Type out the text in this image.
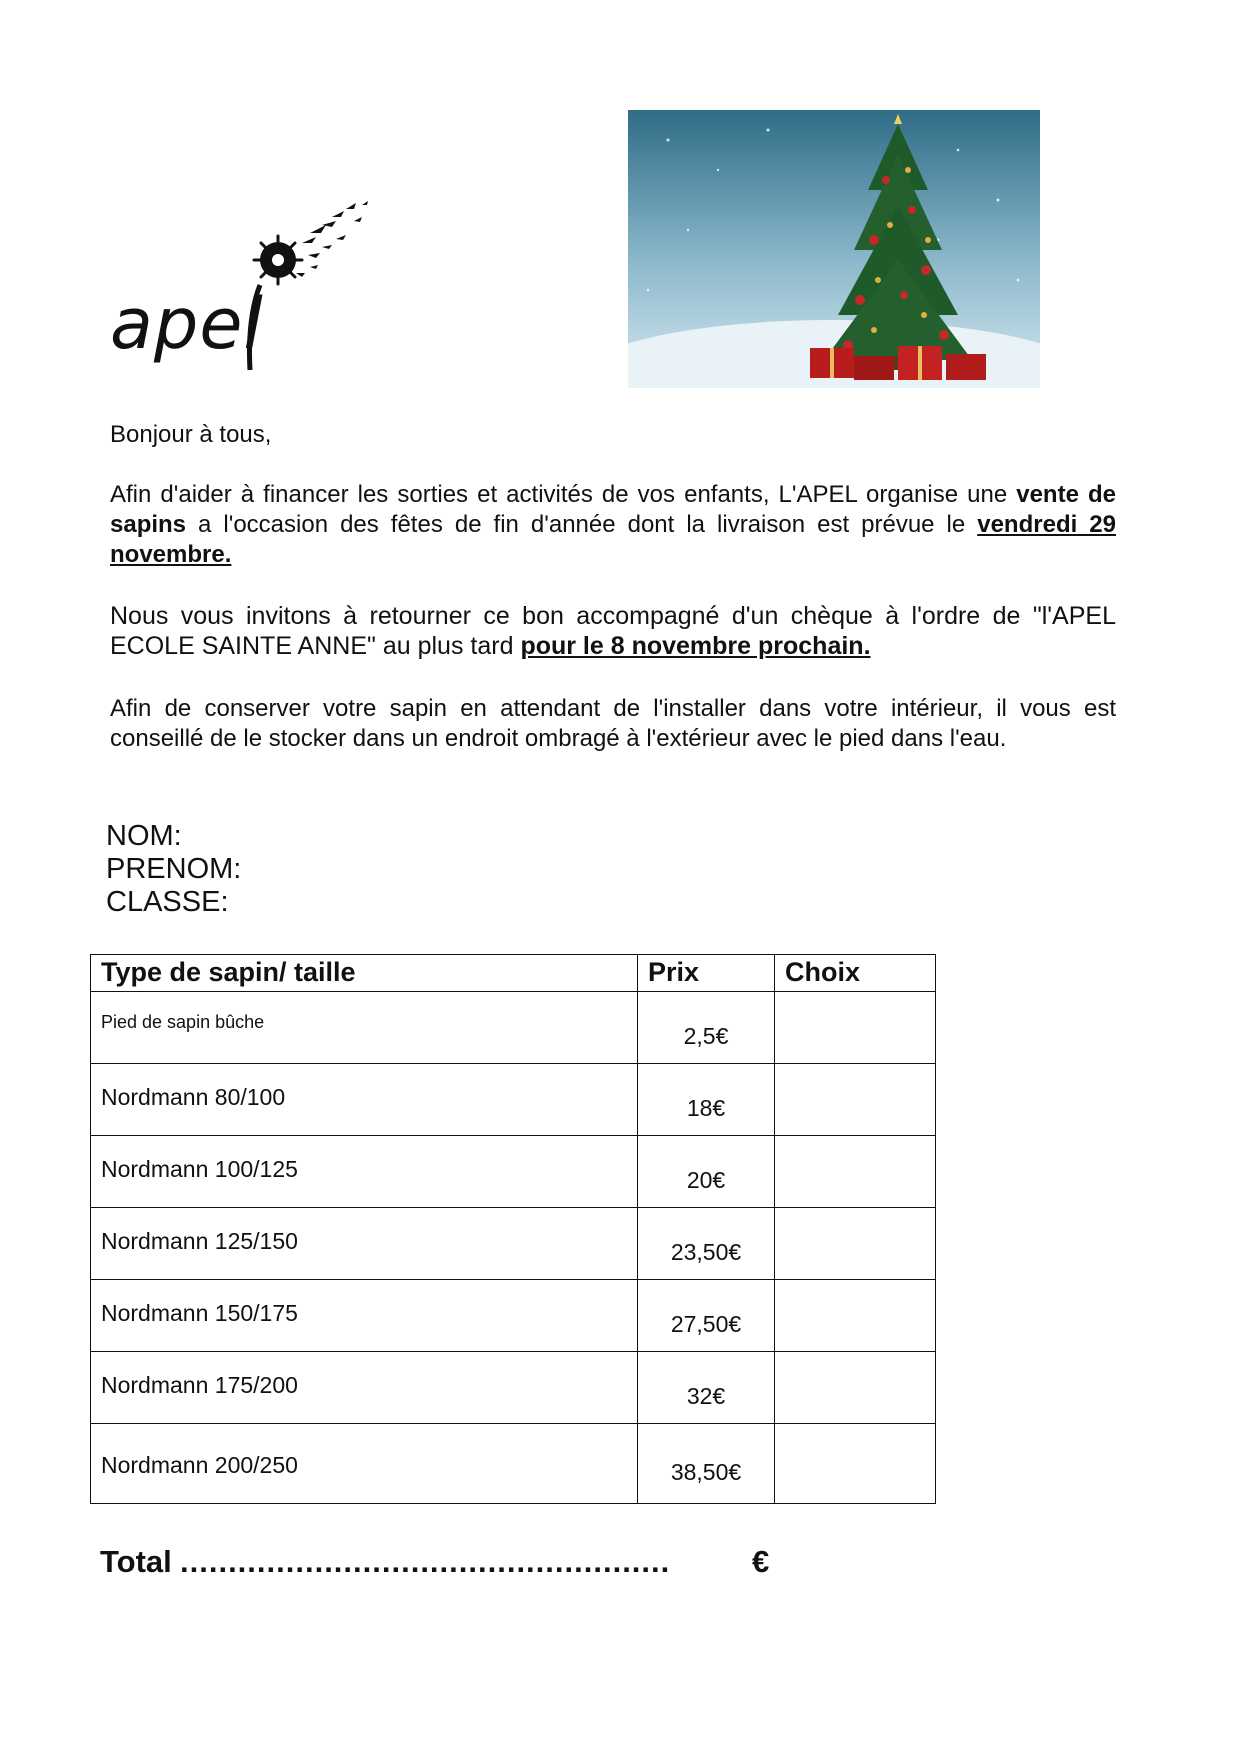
apel
Bonjour à tous,
Afin d'aider à financer les sorties et activités de vos enfants, L'APEL organise une vente de sapins a l'occasion des fêtes de fin d'année dont la livraison est prévue le vendredi 29 novembre.
Nous vous invitons à retourner ce bon accompagné d'un chèque à l'ordre de "l'APEL ECOLE SAINTE ANNE" au plus tard pour le 8 novembre prochain.
Afin de conserver votre sapin en attendant de l'installer dans votre intérieur, il vous est conseillé de le stocker dans un endroit ombragé à l'extérieur avec le pied dans l'eau.
NOM:
PRENOM:
CLASSE:
Type de sapin/ taille	Prix	Choix
Pied de sapin bûche	2,5€	
Nordmann 80/100	18€	
Nordmann 100/125	20€	
Nordmann 125/150	23,50€	
Nordmann 150/175	27,50€	
Nordmann 175/200	32€	
Nordmann 200/250	38,50€	
Total ...................................................	€
